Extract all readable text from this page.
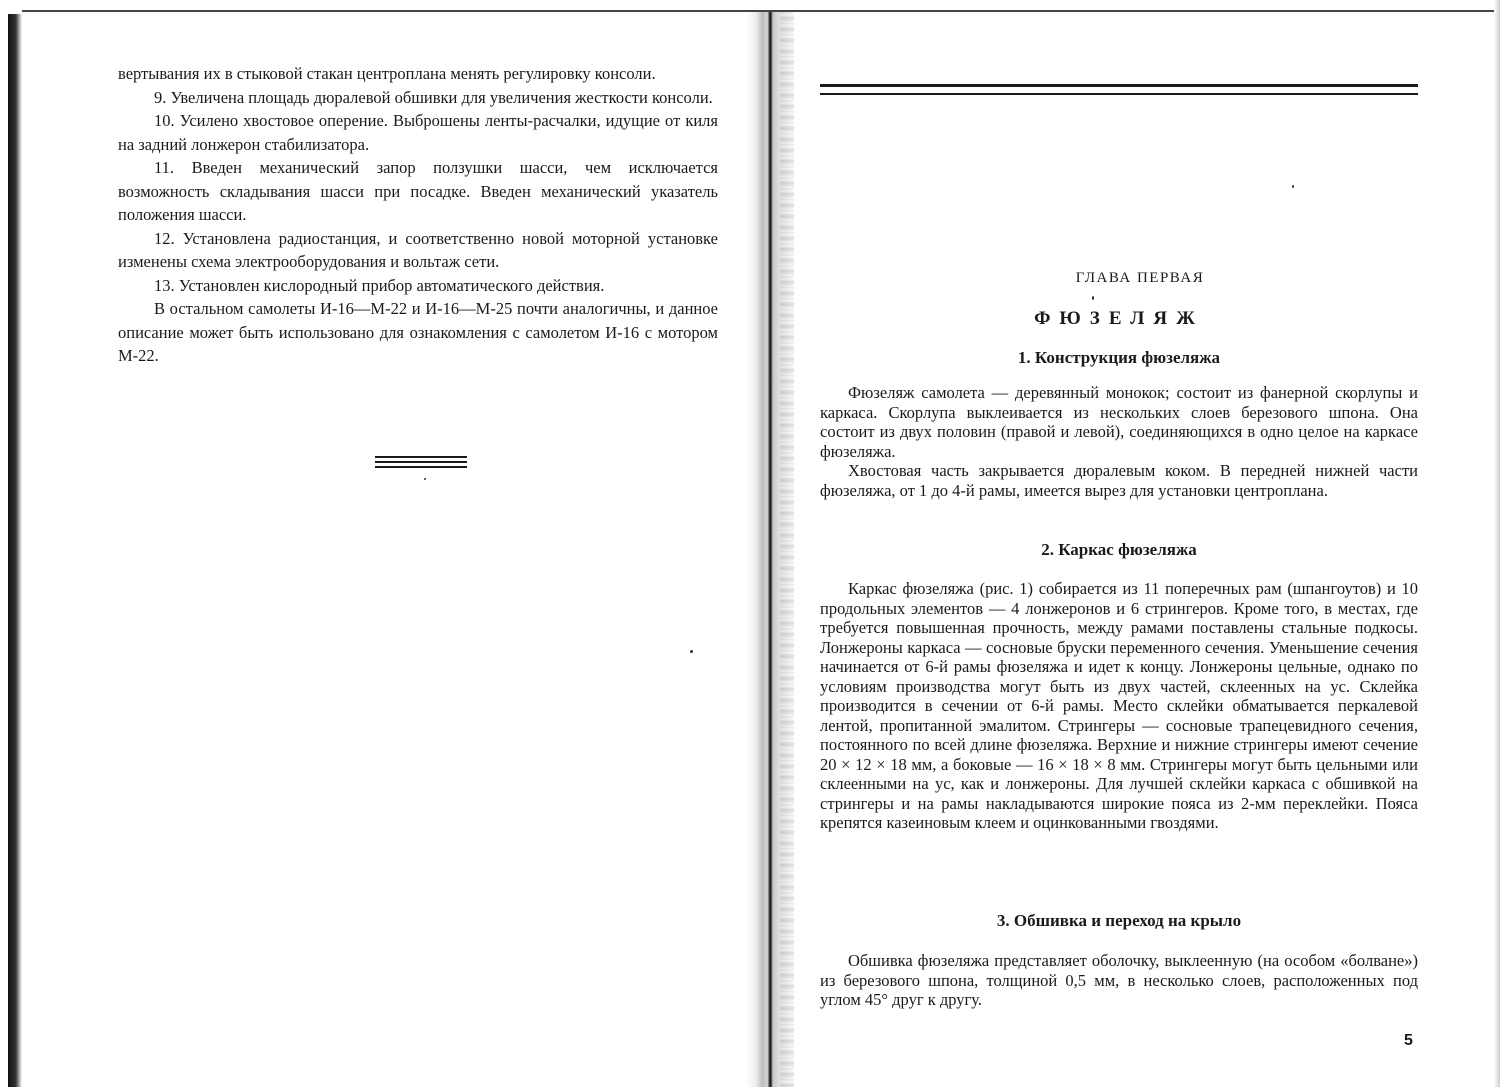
вертывания их в стыковой стакан центроплана менять регулировку консоли.

9. Увеличена площадь дюралевой обшивки для увеличения жесткости консоли.

10. Усилено хвостовое оперение. Выброшены ленты-расчалки, идущие от киля на задний лонжерон стабилизатора.

11. Введен механический запор ползушки шасси, чем исключается возможность складывания шасси при посадке. Введен механический указатель положения шасси.

12. Установлена радиостанция, и соответственно новой моторной установке изменены схема электрооборудования и вольтаж сети.

13. Установлен кислородный прибор автоматического действия.

В остальном самолеты И-16—М-22 и И-16—М-25 почти аналогичны, и данное описание может быть использовано для ознакомления с самолетом И-16 с мотором М-22.

ГЛАВА ПЕРВАЯ
ФЮЗЕЛЯЖ
1. Конструкция фюзеляжа

Фюзеляж самолета — деревянный монокок; состоит из фанерной скорлупы и каркаса. Скорлупа выклеивается из нескольких слоев березового шпона. Она состоит из двух половин (правой и левой), соединяющихся в одно целое на каркасе фюзеляжа.

Хвостовая часть закрывается дюралевым коком. В передней нижней части фюзеляжа, от 1 до 4-й рамы, имеется вырез для установки центроплана.

2. Каркас фюзеляжа

Каркас фюзеляжа (рис. 1) собирается из 11 поперечных рам (шпангоутов) и 10 продольных элементов — 4 лонжеронов и 6 стрингеров. Кроме того, в местах, где требуется повышенная прочность, между рамами поставлены стальные подкосы. Лонжероны каркаса — сосновые бруски переменного сечения. Уменьшение сечения начинается от 6-й рамы фюзеляжа и идет к концу. Лонжероны цельные, однако по условиям производства могут быть из двух частей, склеенных на ус. Склейка производится в сечении от 6-й рамы. Место склейки обматывается перкалевой лентой, пропитанной эмалитом. Стрингеры — сосновые трапецевидного сечения, постоянного по всей длине фюзеляжа. Верхние и нижние стрингеры имеют сечение 20 × 12 × 18 мм, а боковые — 16 × 18 × 8 мм. Стрингеры могут быть цельными или склеенными на ус, как и лонжероны. Для лучшей склейки каркаса с обшивкой на стрингеры и на рамы накладываются широкие пояса из 2-мм переклейки. Пояса крепятся казеиновым клеем и оцинкованными гвоздями.

3. Обшивка и переход на крыло

Обшивка фюзеляжа представляет оболочку, выклеенную (на особом «болване») из березового шпона, толщиной 0,5 мм, в несколько слоев, расположенных под углом 45° друг к другу.

5
